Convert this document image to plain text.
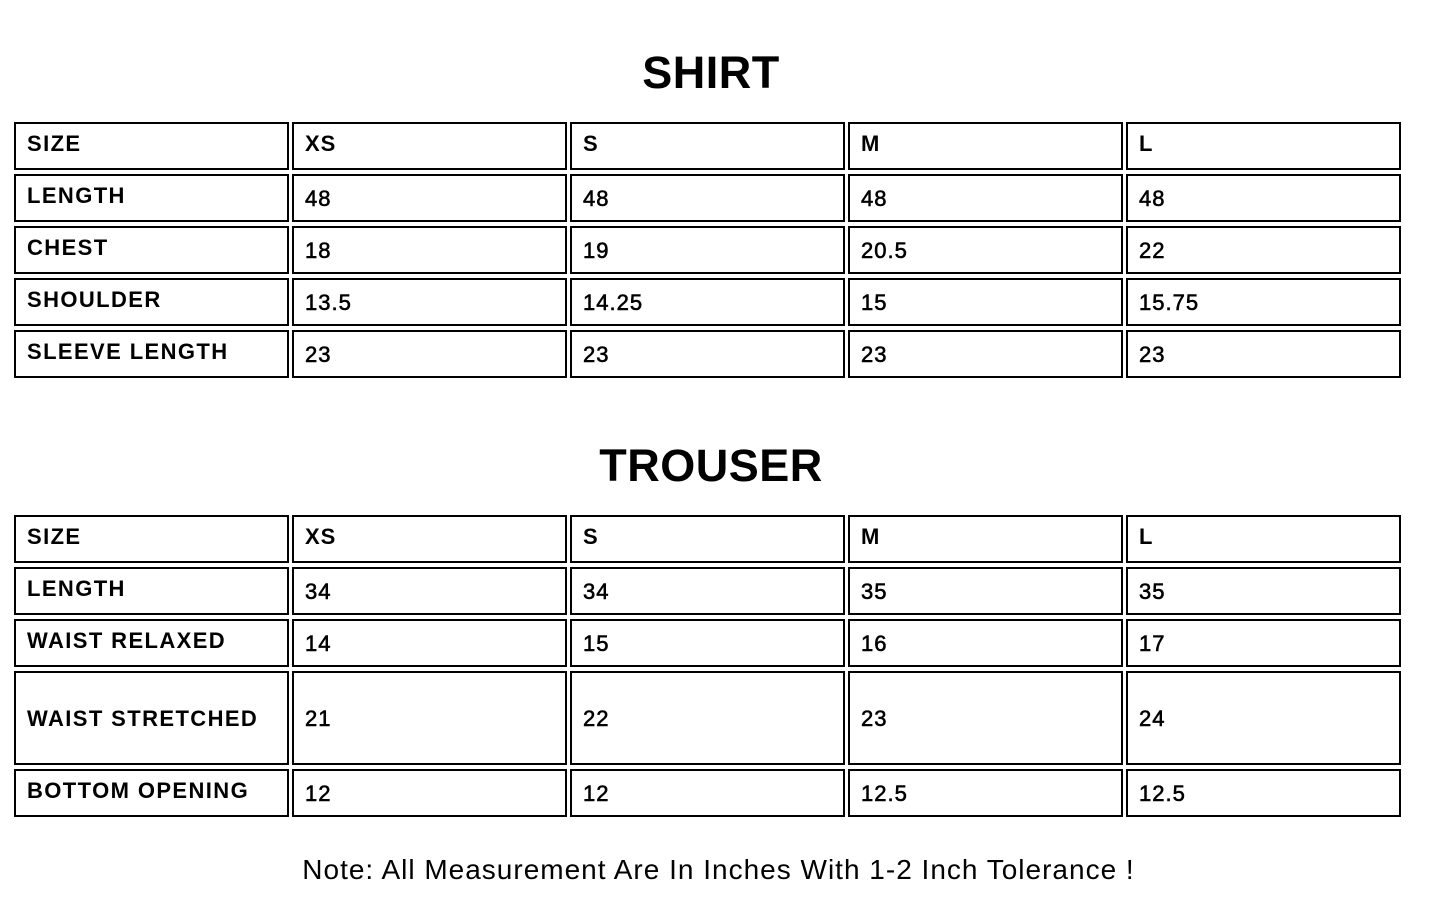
SHIRT
SIZE	XS	S	M	L
LENGTH	48	48	48	48
CHEST	18	19	20.5	22
SHOULDER	13.5	14.25	15	15.75
SLEEVE LENGTH	23	23	23	23
TROUSER
SIZE	XS	S	M	L
LENGTH	34	34	35	35
WAIST RELAXED	14	15	16	17
WAIST STRETCHED	21	22	23	24
BOTTOM OPENING	12	12	12.5	12.5
Note: All Measurement Are In Inches With 1-2 Inch Tolerance !
